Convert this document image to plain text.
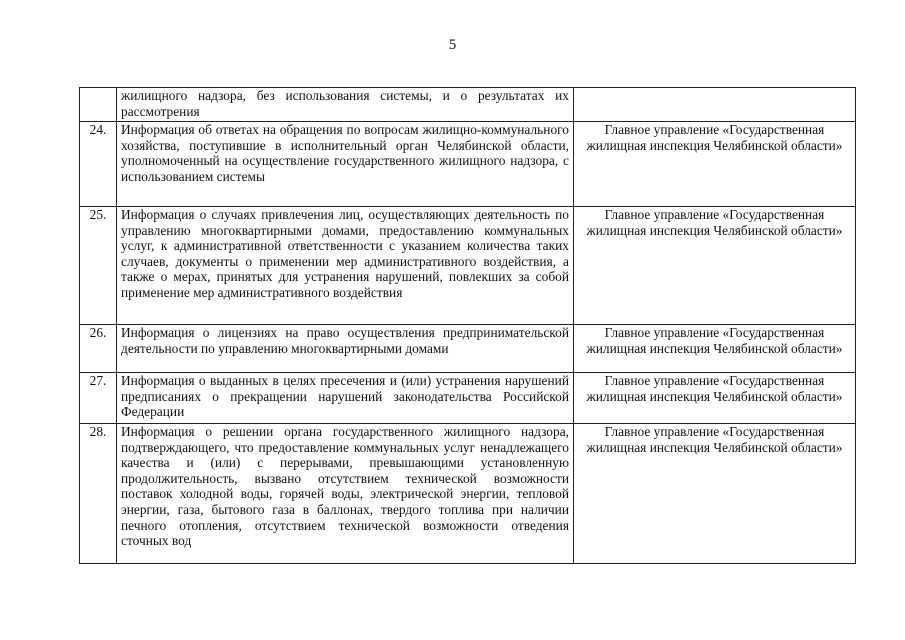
5
	жилищного надзора, без использования системы, и о результатах их рассмотрения	
24.	Информация об ответах на обращения по вопросам жилищно-коммунального хозяйства, поступившие в исполнительный орган Челябинской области, уполномоченный на осуществление государственного жилищного надзора, с использованием системы	Главное управление «Государственная жилищная инспекция Челябинской области»
25.	Информация о случаях привлечения лиц, осуществляющих деятельность по управлению многоквартирными домами, предоставлению коммунальных услуг, к административной ответственности с указанием количества таких случаев, документы о применении мер административного воздействия, а также о мерах, принятых для устранения нарушений, повлекших за собой применение мер административного воздействия	Главное управление «Государственная жилищная инспекция Челябинской области»
26.	Информация о лицензиях на право осуществления предпринимательской деятельности по управлению многоквартирными домами	Главное управление «Государственная жилищная инспекция Челябинской области»
27.	Информация о выданных в целях пресечения и (или) устранения нарушений предписаниях о прекращении нарушений законодательства Российской Федерации	Главное управление «Государственная жилищная инспекция Челябинской области»
28.	Информация о решении органа государственного жилищного надзора, подтверждающего, что предоставление коммунальных услуг ненадлежащего качества и (или) с перерывами, превышающими установленную продолжительность, вызвано отсутствием технической возможности поставок холодной воды, горячей воды, электрической энергии, тепловой энергии, газа, бытового газа в баллонах, твердого топлива при наличии печного отопления, отсутствием технической возможности отведения сточных вод	Главное управление «Государственная жилищная инспекция Челябинской области»
